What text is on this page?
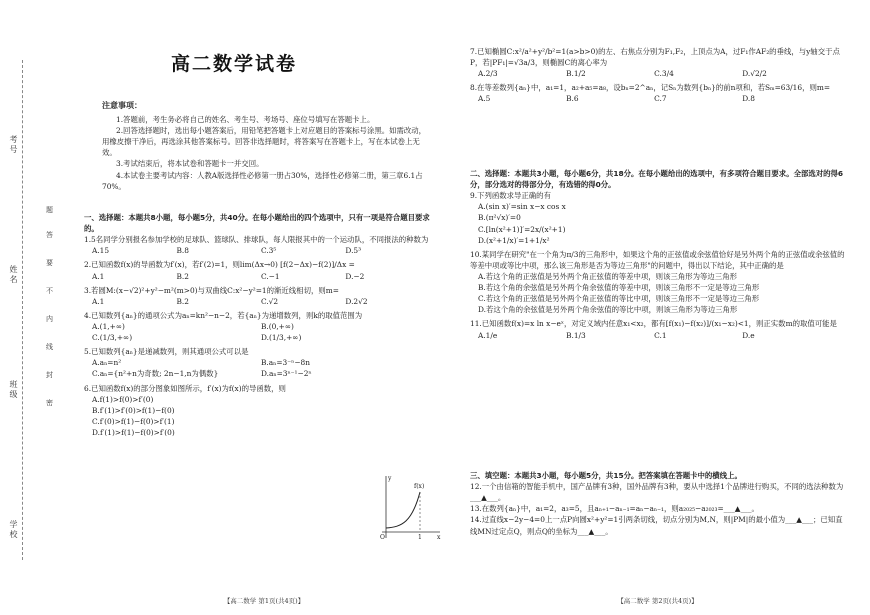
考号
姓名
班级
学校
题
答
要
不
内
线
封
密
高二数学试卷
注意事项：

1.答题前，考生务必将自己的姓名、考生号、考场号、座位号填写在答题卡上。

2.回答选择题时，选出每小题答案后，用铅笔把答题卡上对应题目的答案标号涂黑。如需改动，用橡皮擦干净后，再选涂其他答案标号。回答非选择题时，将答案写在答题卡上，写在本试卷上无效。

3.考试结束后，将本试卷和答题卡一并交回。

4.本试卷主要考试内容：人教A版选择性必修第一册占30%，选择性必修第二册，第三章6.1占70%。

一、选择题：本题共8小题，每小题5分，共40分。在每小题给出的四个选项中，只有一项是符合题目要求的。

1.5名同学分别报名参加学校的足球队、篮球队、排球队，每人限报其中的一个运动队，不同报法的种数为

A.15	B.8	C.3⁵	D.5³

2.已知函数f(x)的导函数为f′(x)，若f′(2)=1，则lim(Δx→0) [f(2−Δx)−f(2)]/Δx =

A.1	B.2	C.−1	D.−2

3.若圆M:(x−√2)²+y²−m²(m>0)与双曲线C:x²−y²=1的渐近线相切，则m=

A.1	B.2	C.√2	D.2√2

4.已知数列{aₙ}的通项公式为aₙ=kn²−n−2，若{aₙ}为递增数列，则k的取值范围为

A.(1,+∞)	B.(0,+∞)
C.(1/3,+∞)	D.(1/3,+∞)

5.已知数列{aₙ}是递减数列，则其通项公式可以是

A.aₙ=n²	B.aₙ=3⁻ⁿ−8n
C.aₙ={n²+n为奇数; 2n−1,n为偶数}	D.aₙ=3ⁿ⁻¹−2ⁿ

6.已知函数f(x)的部分图象如图所示，f′(x)为f(x)的导函数，则

A.f(1)>f(0)>f′(0)
B.f′(1)>f′(0)>f(1)−f(0)
C.f′(0)>f(1)−f(0)>f′(1)
D.f′(1)>f(1)−f(0)>f′(0)
f(x)
O	1	x
y
【高二数学 第1页(共4页)】

7.已知椭圆C:x²/a²+y²/b²=1(a>b>0)的左、右焦点分别为F₁,F₂，上顶点为A，过F₁作AF₂的垂线，与y轴交于点P，若|PF₁|=√3a/3，则椭圆C的离心率为

A.2/3	B.1/2	C.3/4	D.√2/2

8.在等差数列{aₙ}中，a₁=1，a₂+a₅=a₈，设bₙ=2^aₙ，记Sₙ为数列{bₙ}的前n项和，若Sₘ=63/16，则m=

A.5	B.6	C.7	D.8

二、选择题：本题共3小题，每小题6分，共18分。在每小题给出的选项中，有多项符合题目要求。全部选对的得6分，部分选对的得部分分，有选错的得0分。

9.下列函数求导正确的有

A.(sin x)′=sin x−x cos x
B.(π²√x)′=0
C.[ln(x²+1)]′=2x/(x²+1)
D.(x²+1/x)′=1+1/x²

10.某同学在研究"在一个角为π/3的三角形中，如果这个角的正弦值或余弦值恰好是另外两个角的正弦值或余弦值的等差中项或等比中项，那么该三角形是否为等边三角形"的问题中，得出以下结论，其中正确的是

A.若这个角的正弦值是另外两个角正弦值的等差中项，则该三角形为等边三角形
B.若这个角的余弦值是另外两个角余弦值的等差中项，则该三角形不一定是等边三角形
C.若这个角的正弦值是另外两个角正弦值的等比中项，则该三角形不一定是等边三角形
D.若这个角的余弦值是另外两个角余弦值的等比中项，则该三角形为等边三角形

11.已知函数f(x)=x ln x−eˣ，对定义域内任意x₁<x₂，都有[f(x₁)−f(x₂)]/(x₁−x₂)<1，则正实数m的取值可能是

A.1/e	B.1/3	C.1	D.e

三、填空题：本题共3小题，每小题5分，共15分。把答案填在答题卡中的横线上。

12.一个由信箱的智能手机中，国产品牌有3种，国外品牌有3种，要从中选择1个品牌进行购买，不同的选法种数为___▲___。

13.在数列{aₙ}中，a₁=2，a₃=5，且aₙ₊₁−aₙ₋₁=aₙ−aₙ₋₁，则a₂₀₂₅−a₂₀₂₃=___▲___。

14.过直线x−2y−4=0上一点P向圆x²+y²=1引两条切线，切点分别为M,N，则|PM|的最小值为___▲___；已知直线MN过定点Q，则点Q的坐标为___▲___。

【高二数学 第2页(共4页)】
